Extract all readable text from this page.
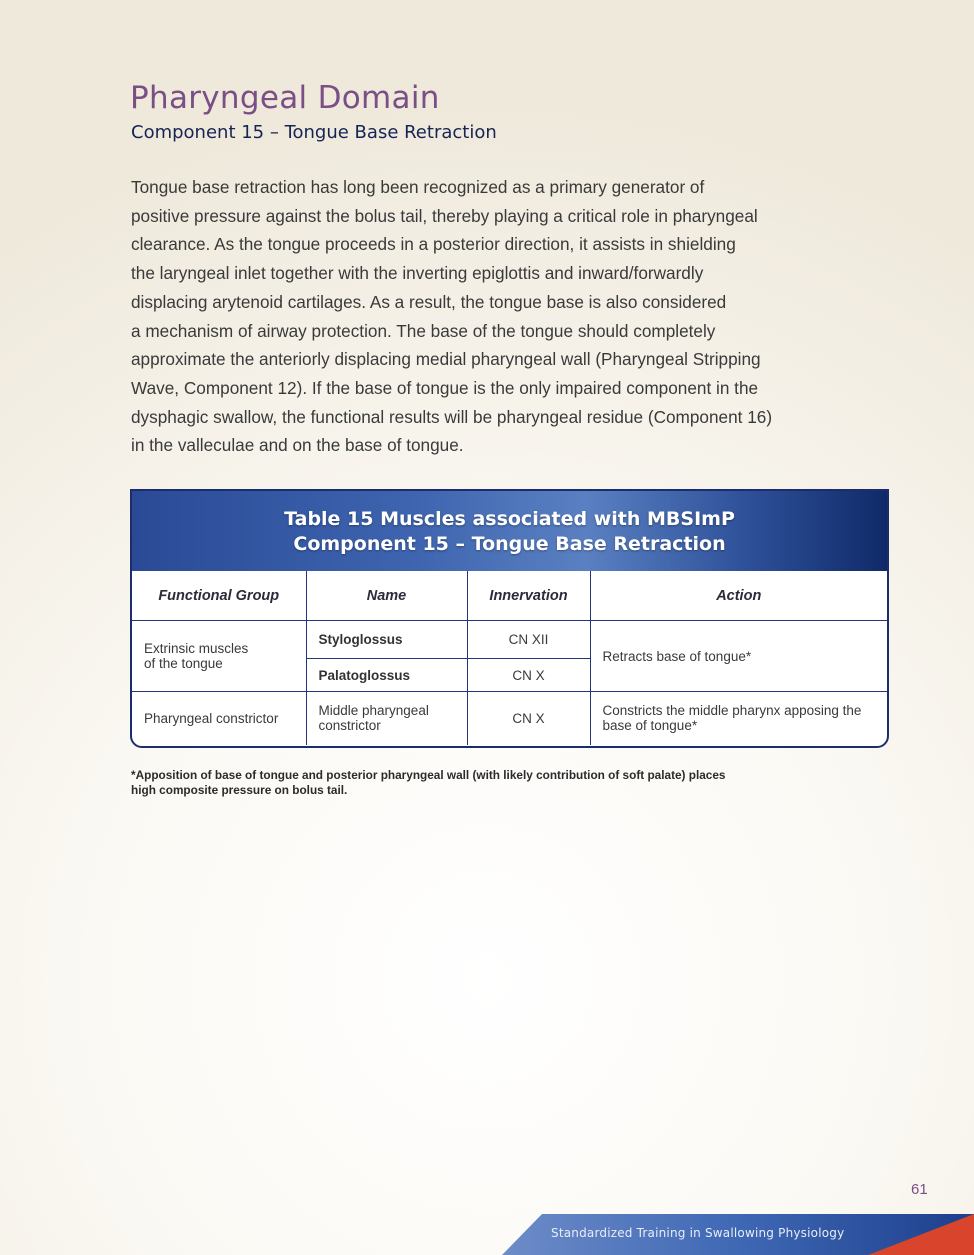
Pharyngeal Domain
Component 15 – Tongue Base Retraction

Tongue base retraction has long been recognized as a primary generator of
positive pressure against the bolus tail, thereby playing a critical role in pharyngeal
clearance. As the tongue proceeds in a posterior direction, it assists in shielding
the laryngeal inlet together with the inverting epiglottis and inward/forwardly
displacing arytenoid cartilages. As a result, the tongue base is also considered
a mechanism of airway protection. The base of the tongue should completely
approximate the anteriorly displacing medial pharyngeal wall (Pharyngeal Stripping
Wave, Component 12). If the base of tongue is the only impaired component in the
dysphagic swallow, the functional results will be pharyngeal residue (Component 16)
in the valleculae and on the base of tongue.

Table 15 Muscles associated with MBSImP
Component 15 – Tongue Base Retraction
Functional Group	Name	Innervation	Action
Extrinsic muscles
of the tongue	Styloglossus	CN XII	Retracts base of tongue*
	Palatoglossus	CN X	
Pharyngeal constrictor	Middle pharyngeal
constrictor	CN X	Constricts the middle pharynx apposing the
base of tongue*

*Apposition of base of tongue and posterior pharyngeal wall (with likely contribution of soft palate) places
high composite pressure on bolus tail.

61
Standardized Training in Swallowing Physiology
